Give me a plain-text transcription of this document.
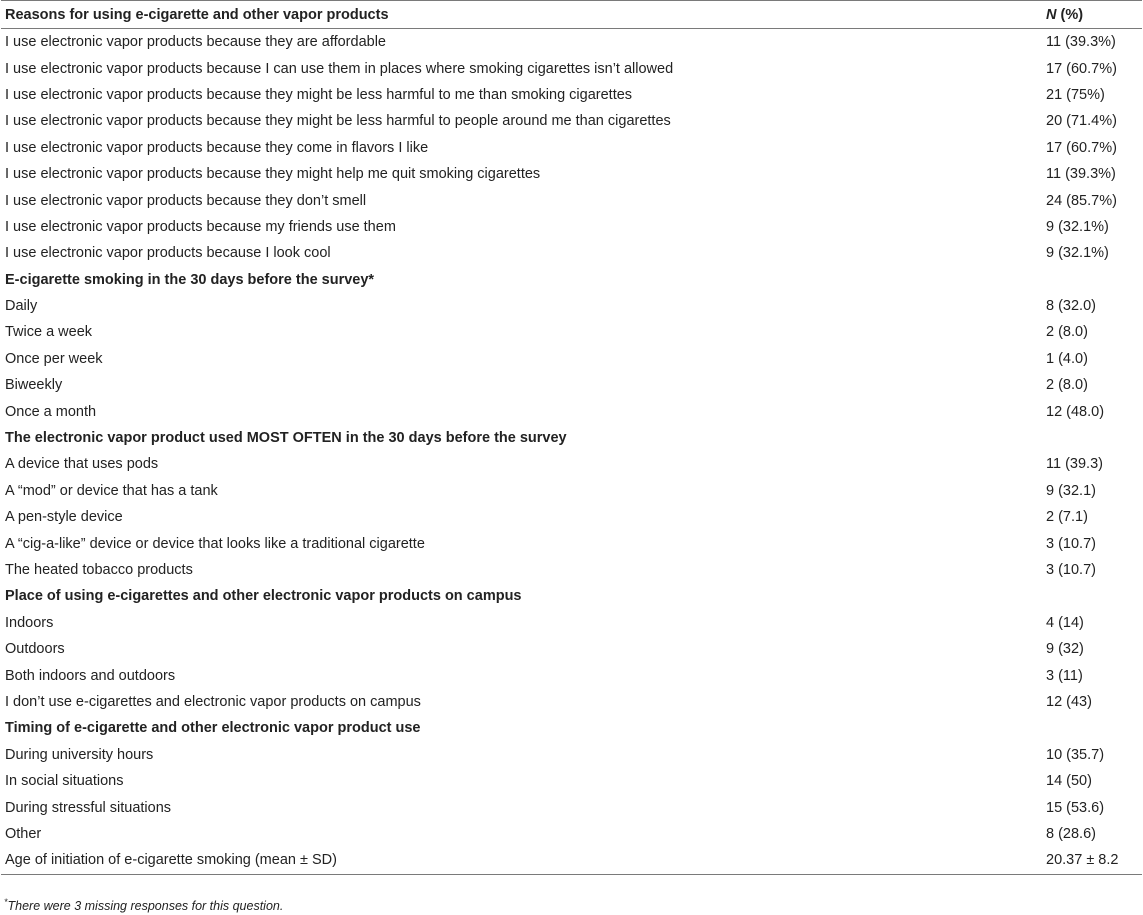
Reasons for using e-cigarette and other vapor products	N (%)
I use electronic vapor products because they are affordable	11 (39.3%)
I use electronic vapor products because I can use them in places where smoking cigarettes isn’t allowed	17 (60.7%)
I use electronic vapor products because they might be less harmful to me than smoking cigarettes	21 (75%)
I use electronic vapor products because they might be less harmful to people around me than cigarettes	20 (71.4%)
I use electronic vapor products because they come in flavors I like	17 (60.7%)
I use electronic vapor products because they might help me quit smoking cigarettes	11 (39.3%)
I use electronic vapor products because they don’t smell	24 (85.7%)
I use electronic vapor products because my friends use them	9 (32.1%)
I use electronic vapor products because I look cool	9 (32.1%)
E-cigarette smoking in the 30 days before the survey*	
Daily	8 (32.0)
Twice a week	2 (8.0)
Once per week	1 (4.0)
Biweekly	2 (8.0)
Once a month	12 (48.0)
The electronic vapor product used MOST OFTEN in the 30 days before the survey	
A device that uses pods	11 (39.3)
A “mod” or device that has a tank	9 (32.1)
A pen-style device	2 (7.1)
A “cig-a-like” device or device that looks like a traditional cigarette	3 (10.7)
The heated tobacco products	3 (10.7)
Place of using e-cigarettes and other electronic vapor products on campus	
Indoors	4 (14)
Outdoors	9 (32)
Both indoors and outdoors	3 (11)
I don’t use e-cigarettes and electronic vapor products on campus	12 (43)
Timing of e-cigarette and other electronic vapor product use	
During university hours	10 (35.7)
In social situations	14 (50)
During stressful situations	15 (53.6)
Other	8 (28.6)
Age of initiation of e-cigarette smoking (mean ± SD)	20.37 ± 8.2
*There were 3 missing responses for this question.
